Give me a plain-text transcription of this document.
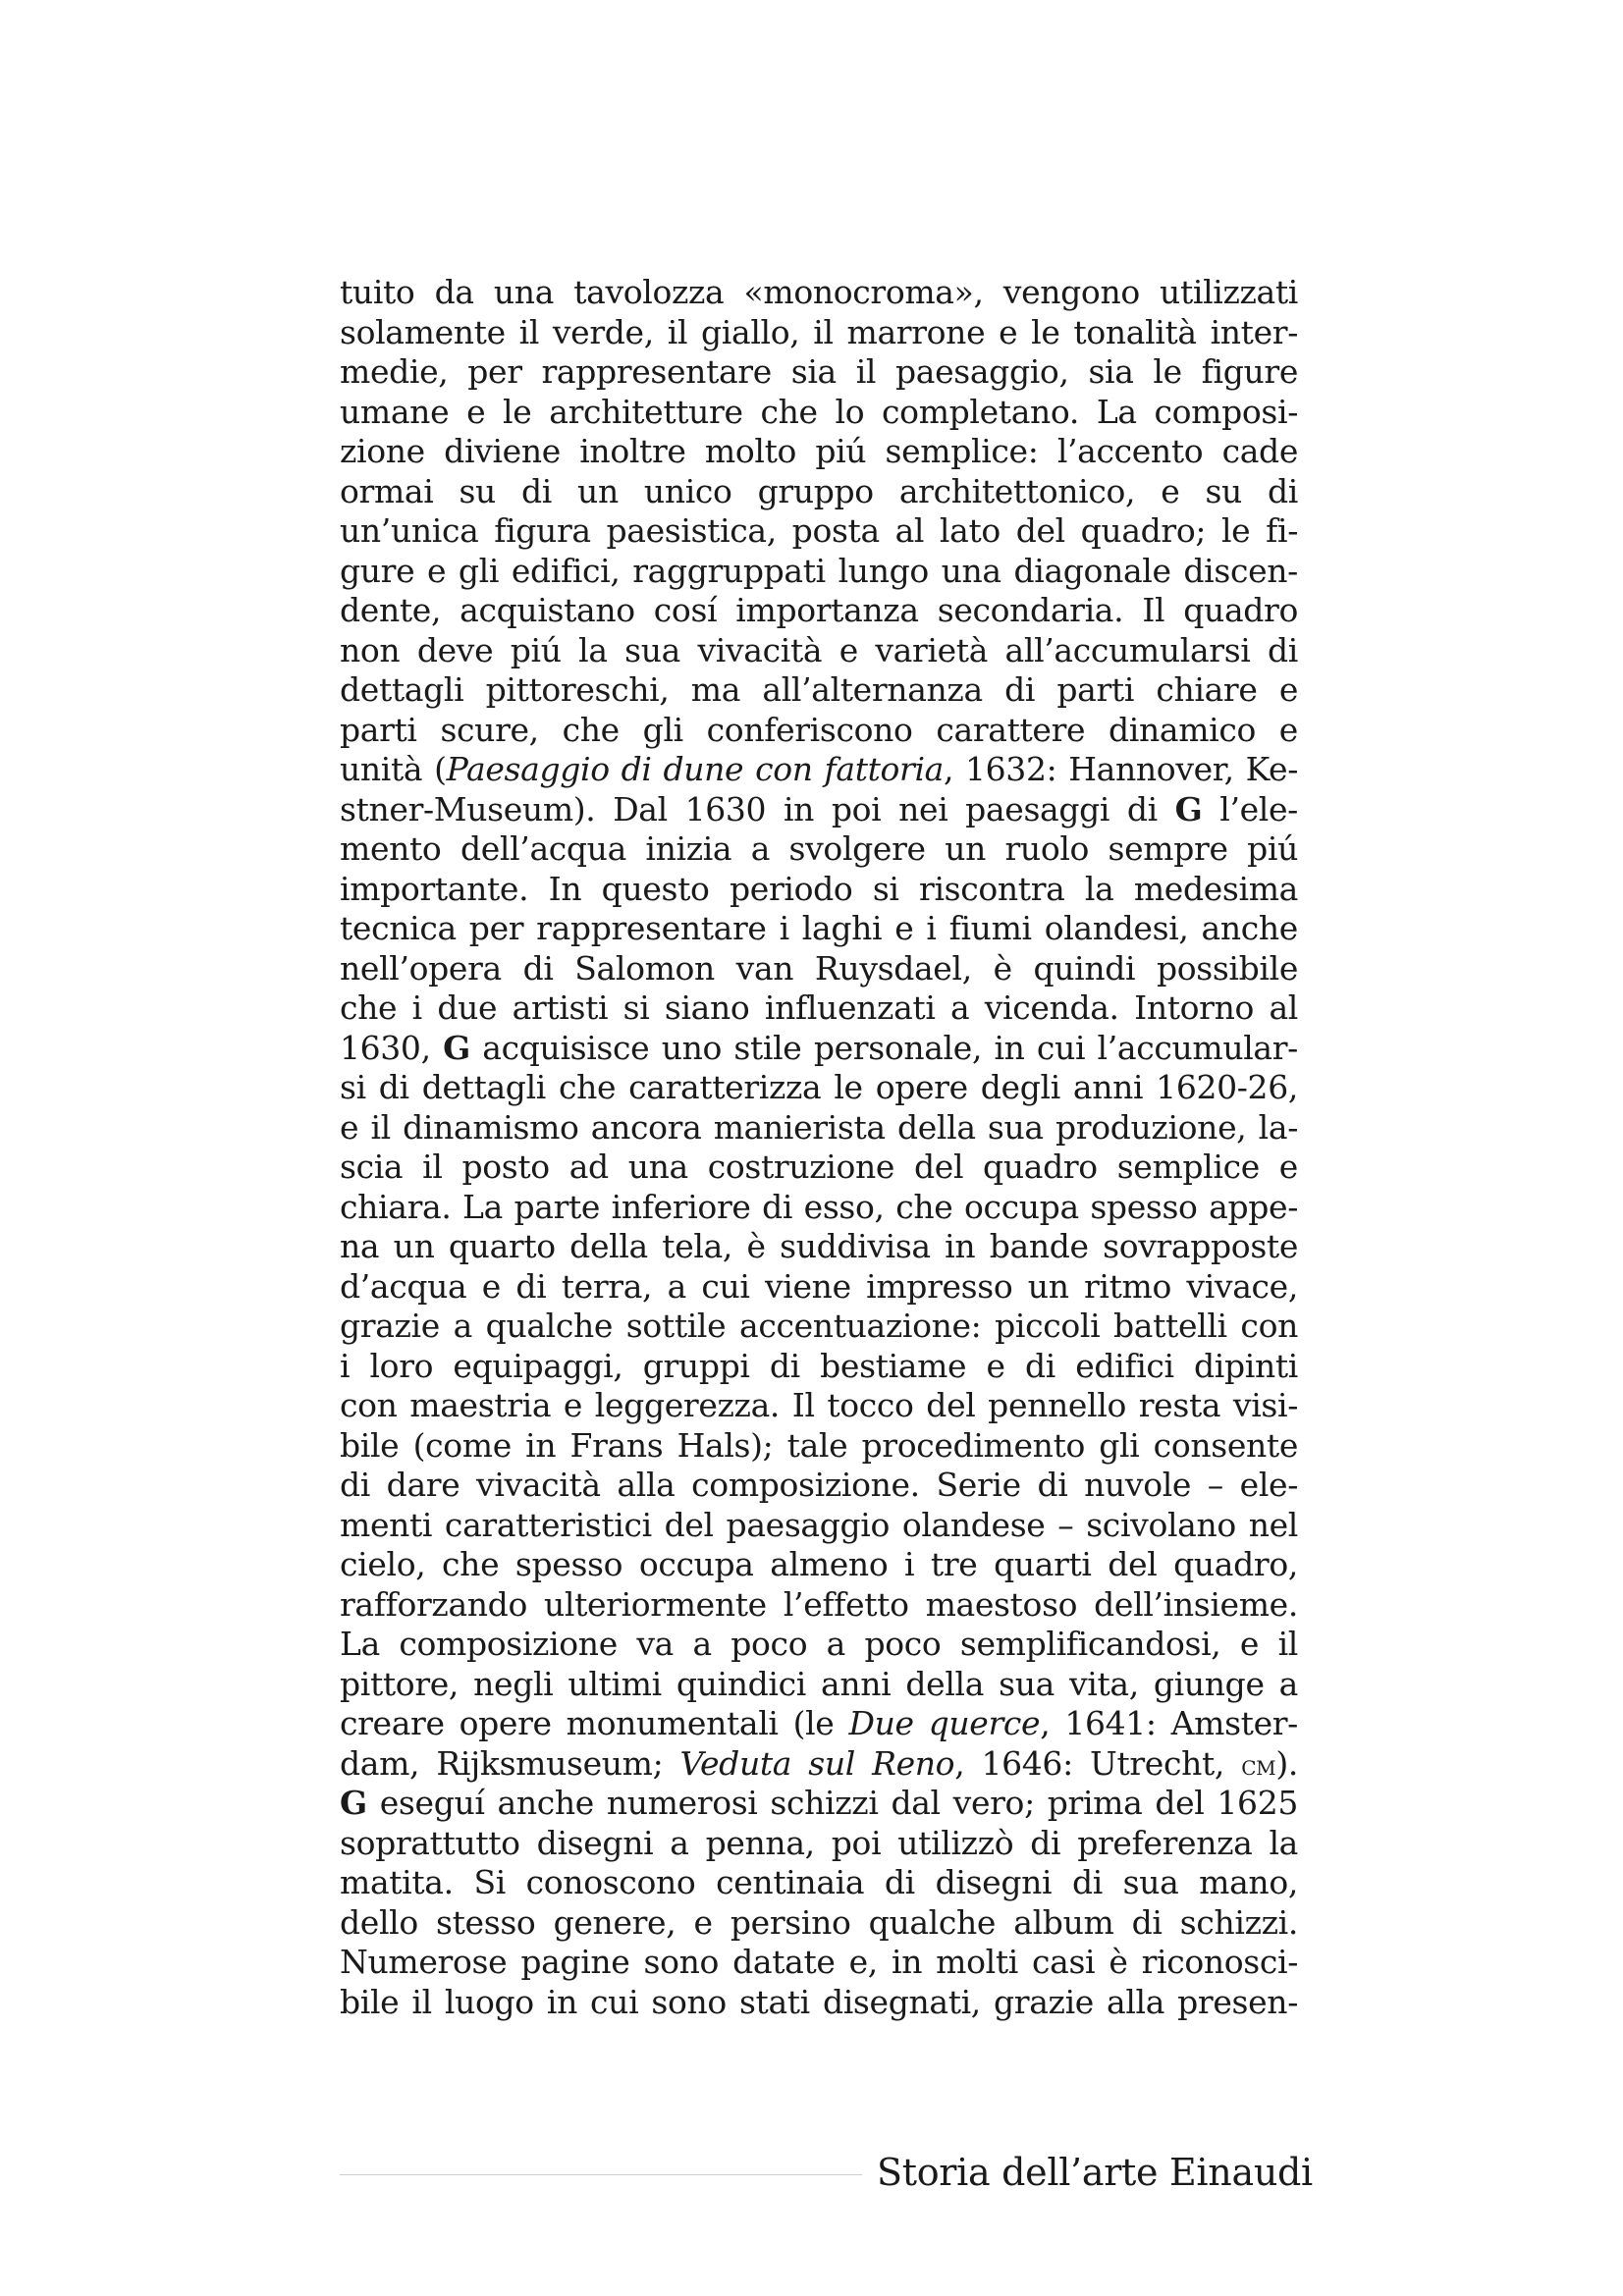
tuito da una tavolozza «monocroma», vengono utilizzati
solamente il verde, il giallo, il marrone e le tonalità inter-
medie, per rappresentare sia il paesaggio, sia le figure
umane e le architetture che lo completano. La composi-
zione diviene inoltre molto piú semplice: l’accento cade
ormai su di un unico gruppo architettonico, e su di
un’unica figura paesistica, posta al lato del quadro; le fi-
gure e gli edifici, raggruppati lungo una diagonale discen-
dente, acquistano cosí importanza secondaria. Il quadro
non deve piú la sua vivacità e varietà all’accumularsi di
dettagli pittoreschi, ma all’alternanza di parti chiare e
parti scure, che gli conferiscono carattere dinamico e
unità (Paesaggio di dune con fattoria, 1632: Hannover, Ke-
stner-Museum). Dal 1630 in poi nei paesaggi di G l’ele-
mento dell’acqua inizia a svolgere un ruolo sempre piú
importante. In questo periodo si riscontra la medesima
tecnica per rappresentare i laghi e i fiumi olandesi, anche
nell’opera di Salomon van Ruysdael, è quindi possibile
che i due artisti si siano influenzati a vicenda. Intorno al
1630, G acquisisce uno stile personale, in cui l’accumular-
si di dettagli che caratterizza le opere degli anni 1620-26,
e il dinamismo ancora manierista della sua produzione, la-
scia il posto ad una costruzione del quadro semplice e
chiara. La parte inferiore di esso, che occupa spesso appe-
na un quarto della tela, è suddivisa in bande sovrapposte
d’acqua e di terra, a cui viene impresso un ritmo vivace,
grazie a qualche sottile accentuazione: piccoli battelli con
i loro equipaggi, gruppi di bestiame e di edifici dipinti
con maestria e leggerezza. Il tocco del pennello resta visi-
bile (come in Frans Hals); tale procedimento gli consente
di dare vivacità alla composizione. Serie di nuvole – ele-
menti caratteristici del paesaggio olandese – scivolano nel
cielo, che spesso occupa almeno i tre quarti del quadro,
rafforzando ulteriormente l’effetto maestoso dell’insieme.
La composizione va a poco a poco semplificandosi, e il
pittore, negli ultimi quindici anni della sua vita, giunge a
creare opere monumentali (le Due querce, 1641: Amster-
dam, Rijksmuseum; Veduta sul Reno, 1646: Utrecht, cm).
G eseguí anche numerosi schizzi dal vero; prima del 1625
soprattutto disegni a penna, poi utilizzò di preferenza la
matita. Si conoscono centinaia di disegni di sua mano,
dello stesso genere, e persino qualche album di schizzi.
Numerose pagine sono datate e, in molti casi è riconosci-
bile il luogo in cui sono stati disegnati, grazie alla presen-
Storia dell’arte Einaudi
